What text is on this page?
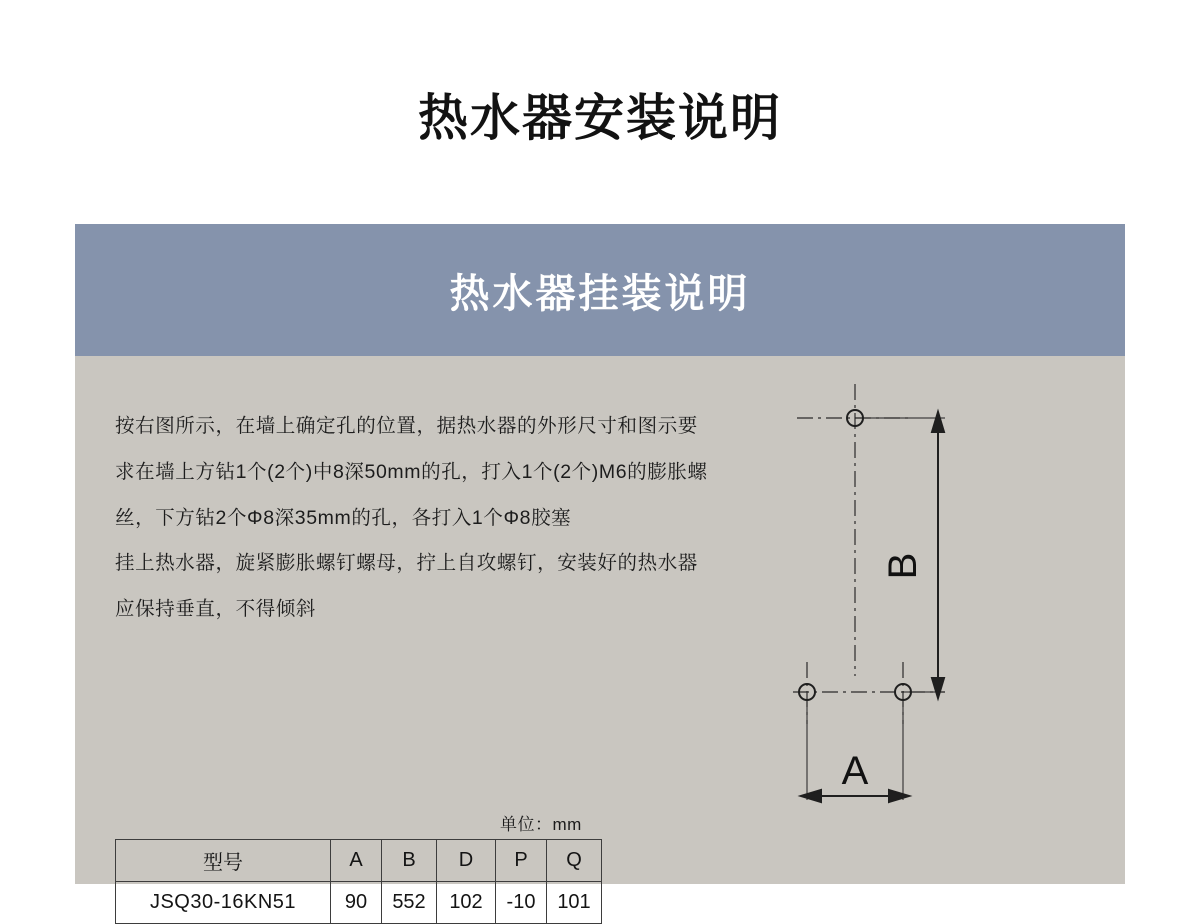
热水器安装说明
热水器挂装说明

按右图所示，在墙上确定孔的位置，据热水器的外形尺寸和图示要

求在墙上方钻1个(2个)中8深50mm的孔，打入1个(2个)M6的膨胀螺

丝，下方钻2个Φ8深35mm的孔，各打入1个Φ8胶塞

挂上热水器，旋紧膨胀螺钉螺母，拧上自攻螺钉，安装好的热水器

应保持垂直，不得倾斜

单位：mm
型号	A	B	D	P	Q
JSQ30-16KN51	90	552	102	-10	101
B
A
